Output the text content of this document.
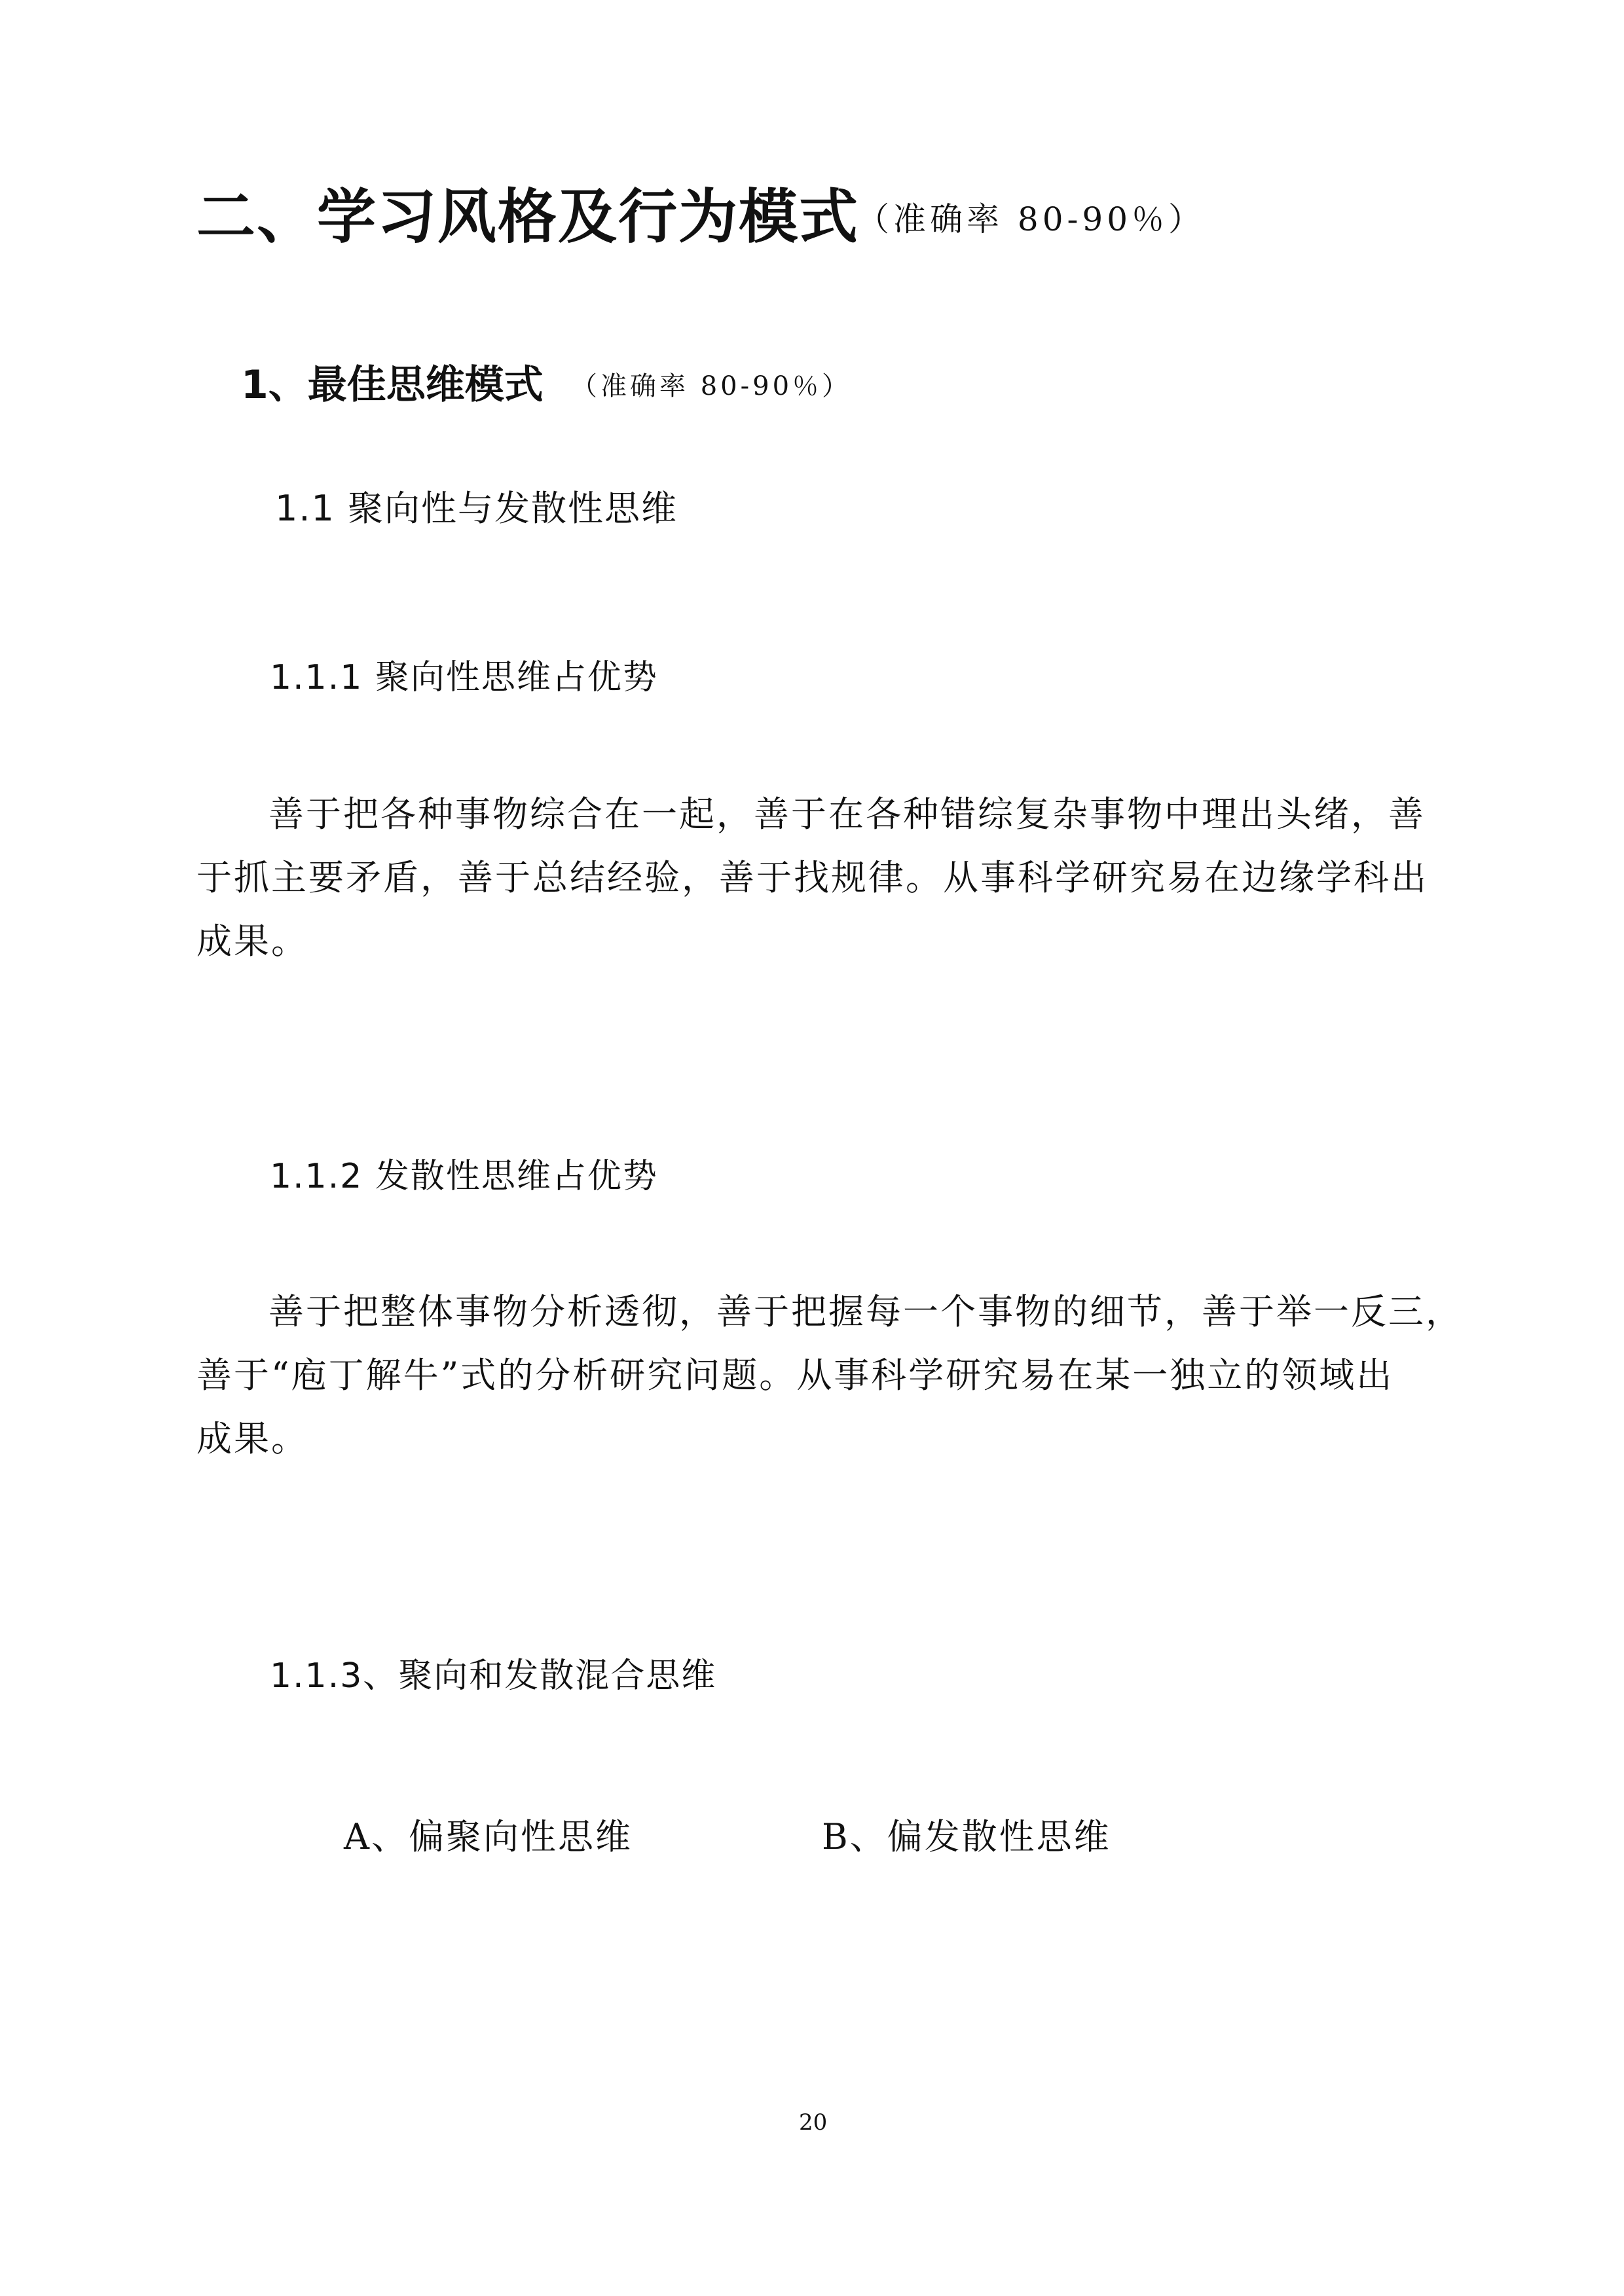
二、学习风格及行为模式
（准确率 80-90％）
1、最佳思维模式 （准确率 80-90％）
1.1 聚向性与发散性思维
1.1.1 聚向性思维占优势
善于把各种事物综合在一起，善于在各种错综复杂事物中理出头绪，善
于抓主要矛盾，善于总结经验，善于找规律。从事科学研究易在边缘学科出
成果。
1.1.2 发散性思维占优势
善于把整体事物分析透彻，善于把握每一个事物的细节，善于举一反三，
善于“庖丁解牛”式的分析研究问题。从事科学研究易在某一独立的领域出
成果。
1.1.3、聚向和发散混合思维
A、偏聚向性思维	B、偏发散性思维
20
